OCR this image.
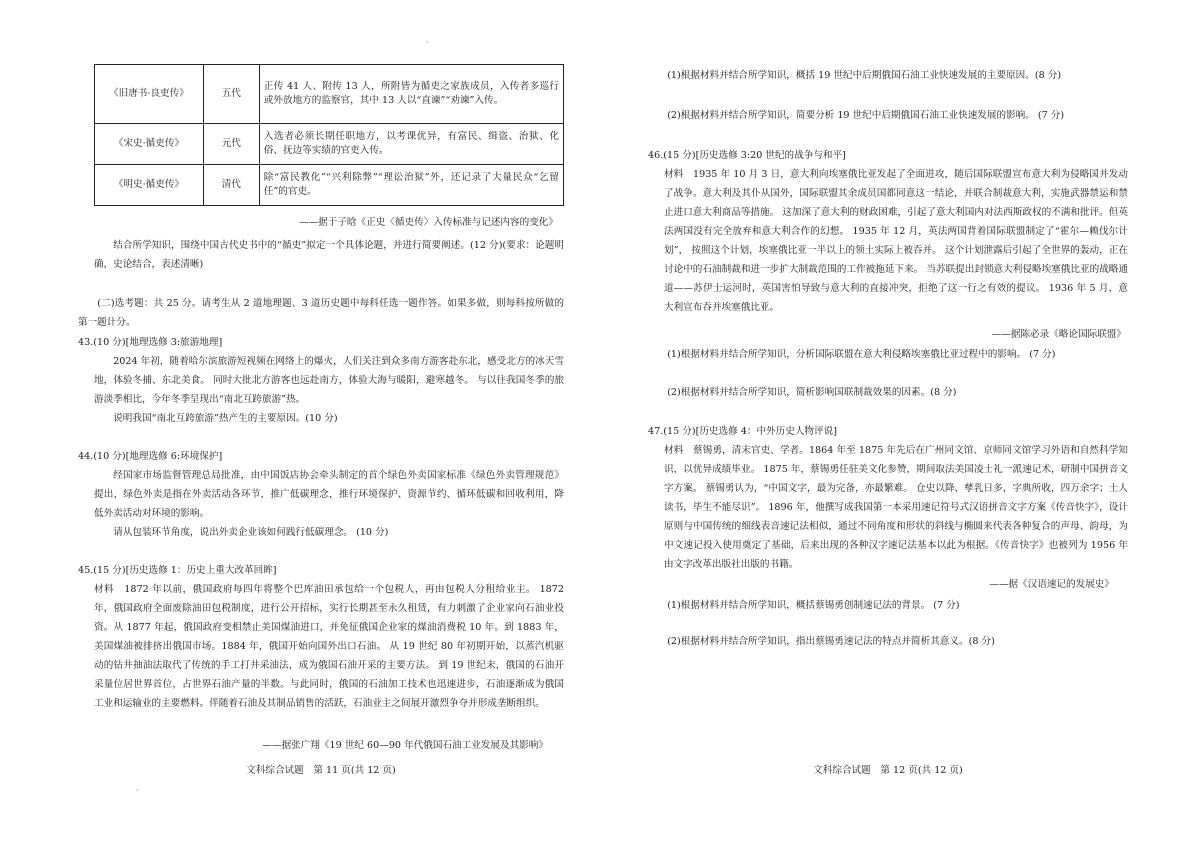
《旧唐书·良吏传》	五代	正传 41 人、附传 13 人，所附皆为循吏之家族成员，入传者多巡行或外放地方的监察官，其中 13 人以“直谏”“劝谏”入传。
《宋史·循吏传》	元代	入选者必须长期任职地方，以考课优异，有富民、缉盗、治狱、化俗、抚边等实绩的官吏入传。
《明史·循吏传》	清代	除“富民教化”“兴利除弊”“理讼治狱”外，还记录了大量民众“乞留任”的官吏。
——据于子晗《正史〈循吏传〉入传标准与记述内容的变化》

结合所学知识，围绕中国古代史书中的“循吏”拟定一个具体论题，并进行简要阐述。(12 分)(要求：论题明确，史论结合，表述清晰)

(二)选考题：共 25 分。请考生从 2 道地理题、3 道历史题中每科任选一题作答。如果多做，则每科按所做的第一题计分。

43.(10 分)[地理选修 3:旅游地理]

2024 年初，随着哈尔滨旅游短视频在网络上的爆火，人们关注到众多南方游客赴东北，感受北方的冰天雪地，体验冬捕、东北美食。 同时大批北方游客也远赴南方，体验大海与暖阳，避寒越冬。 与以往我国冬季的旅游淡季相比，今年冬季呈现出“南北互跨旅游”热。

说明我国“南北互跨旅游”热产生的主要原因。(10 分)

44.(10 分)[地理选修 6:环境保护]

经国家市场监督管理总局批准，由中国饭店协会牵头制定的首个绿色外卖国家标准《绿色外卖管理规范》提出，绿色外卖是指在外卖活动各环节，推广低碳理念，推行环境保护、资源节约、循环低碳和回收利用，降低外卖活动对环境的影响。

请从包装环节角度，说出外卖企业该如何践行低碳理念。 (10 分)

45.(15 分)[历史选修 1：历史上重大改革回眸]

材料　1872 年以前，俄国政府每四年将整个巴库油田承包给一个包税人，再由包税人分租给业主。 1872 年，俄国政府全面废除油田包税制度，进行公开招标，实行长期甚至永久租赁，有力刺激了企业家向石油业投资。从 1877 年起，俄国政府变相禁止美国煤油进口，并免征俄国企业家的煤油消费税 10 年。到 1883 年，美国煤油被排挤出俄国市场。1884 年，俄国开始向国外出口石油。 从 19 世纪 80 年初期开始，以蒸汽机驱动的钻井抽油法取代了传统的手工打井采油法，成为俄国石油开采的主要方法。 到 19 世纪末，俄国的石油开采量位居世界首位，占世界石油产量的半数。与此同时，俄国的石油加工技术也迅速进步，石油逐渐成为俄国工业和运输业的主要燃料。伴随着石油及其制品销售的活跃，石油业主之间展开激烈争夺并形成垄断组织。

——据张广翔《19 世纪 60—90 年代俄国石油工业发展及其影响》
文科综合试题　第 11 页(共 12 页)

(1)根据材料并结合所学知识，概括 19 世纪中后期俄国石油工业快速发展的主要原因。(8 分)

(2)根据材料并结合所学知识，简要分析 19 世纪中后期俄国石油工业快速发展的影响。 (7 分)

46.(15 分)[历史选修 3:20 世纪的战争与和平]

材料　1935 年 10 月 3 日，意大利向埃塞俄比亚发起了全面进攻，随后国际联盟宣布意大利为侵略国并发动了战争。意大利及其仆从国外，国际联盟其余成员国都同意这一结论，并联合制裁意大利，实施武器禁运和禁止进口意大利商品等措施。 这加深了意大利的财政困难，引起了意大利国内对法西斯政权的不满和批评。但英法两国没有完全放弃和意大利合作的幻想。 1935 年 12 月，英法两国背着国际联盟制定了“霍尔—赖伐尔计划”， 按照这个计划，埃塞俄比亚一半以上的领土实际上被吞并。 这个计划泄露后引起了全世界的轰动，正在讨论中的石油制裁和进一步扩大制裁范围的工作被拖延下来。 当苏联提出封锁意大利侵略埃塞俄比亚的战略通道——苏伊士运河时，英国害怕导致与意大利的直接冲突，拒绝了这一行之有效的提议。 1936 年 5 月，意大利宣布吞并埃塞俄比亚。

——据陈必录《略论国际联盟》

(1)根据材料并结合所学知识，分析国际联盟在意大利侵略埃塞俄比亚过程中的影响。 (7 分)

(2)根据材料并结合所学知识，简析影响国联制裁效果的因素。(8 分)

47.(15 分)[历史选修 4：中外历史人物评说]

材料　蔡锡勇，清末官吏、学者。1864 年至 1875 年先后在广州同文馆、京师同文馆学习外语和自然科学知识，以优异成绩毕业。 1875 年，蔡锡勇任驻美文化参赞，期间取法美国凌士礼一派速记术，研制中国拼音文字方案。 蔡锡勇认为，“中国文字，最为完备，亦最繁难。 仓史以降，孳乳日多，字典所收，四万余字；士人读书，毕生不能尽识”。 1896 年，他撰写成我国第一本采用速记符号式汉语拼音文字方案《传音快字》，设计原则与中国传统的细线表音速记法相似，通过不同角度和形状的斜线与椭圆来代表各种复合的声母、韵母，为中文速记投入使用奠定了基础，后来出现的各种汉字速记法基本以此为根据。《传音快字》也被列为 1956 年由文字改革出版社出版的书籍。

——据《汉语速记的发展史》

(1)根据材料并结合所学知识，概括蔡锡勇创制速记法的背景。 (7 分)

(2)根据材料并结合所学知识，指出蔡锡勇速记法的特点并简析其意义。(8 分)

文科综合试题　第 12 页(共 12 页)
·
·
